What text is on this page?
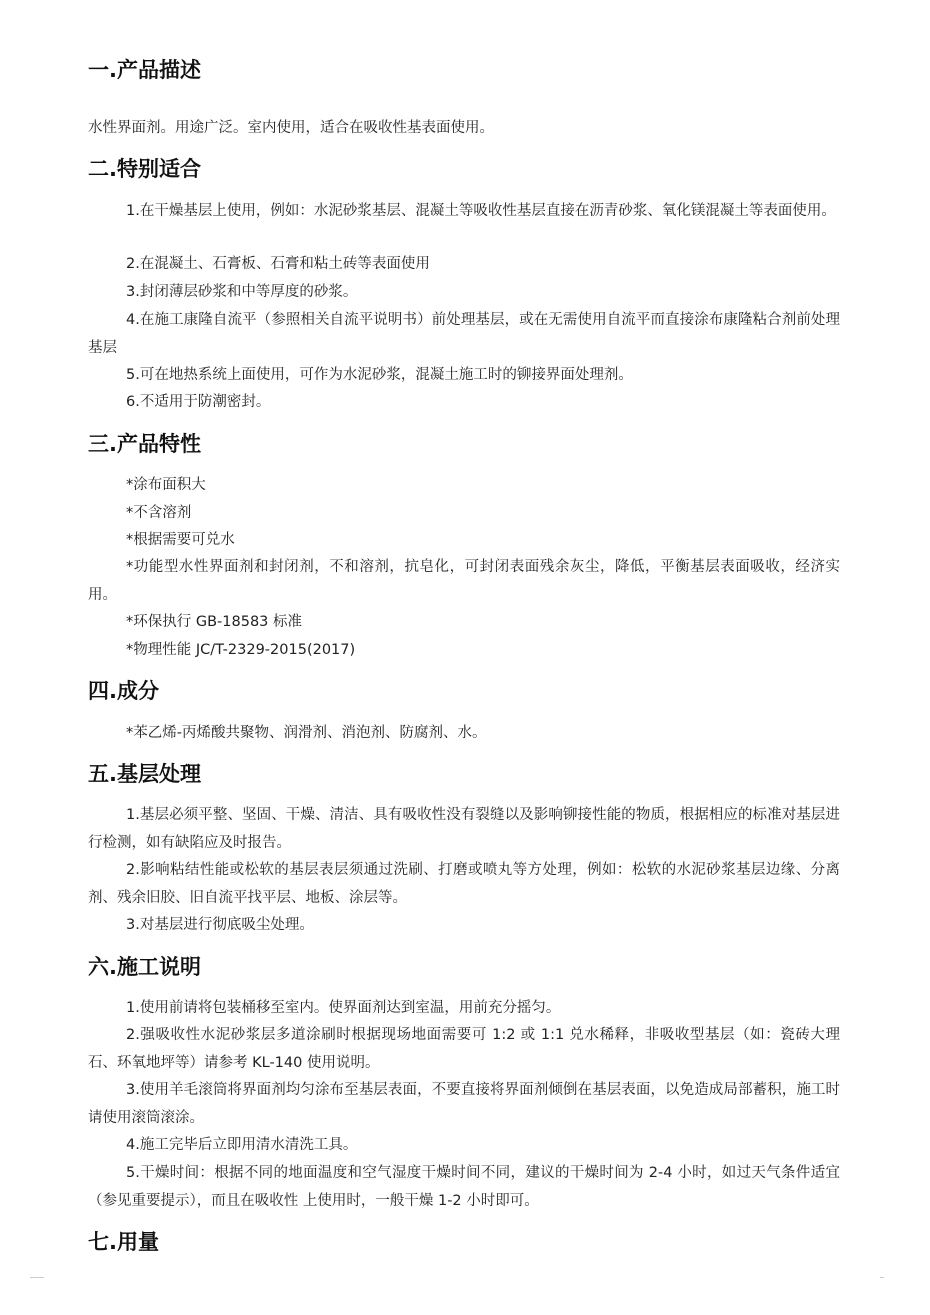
一.产品描述
水性界面剂。用途广泛。室内使用，适合在吸收性基表面使用。
二.特别适合
1.在干燥基层上使用，例如：水泥砂浆基层、混凝土等吸收性基层直接在沥青砂浆、氧化镁混凝土等表面使用。
2.在混凝土、石膏板、石膏和粘土砖等表面使用
3.封闭薄层砂浆和中等厚度的砂浆。
4.在施工康隆自流平（参照相关自流平说明书）前处理基层，或在无需使用自流平而直接涂布康隆粘合剂前处理基层
5.可在地热系统上面使用，可作为水泥砂浆，混凝土施工时的铆接界面处理剂。
6.不适用于防潮密封。
三.产品特性
*涂布面积大
*不含溶剂
*根据需要可兑水
*功能型水性界面剂和封闭剂，不和溶剂，抗皂化，可封闭表面残余灰尘，降低，平衡基层表面吸收，经济实用。
*环保执行 GB-18583 标准
*物理性能 JC/T-2329-2015(2017)
四.成分
*苯乙烯-丙烯酸共聚物、润滑剂、消泡剂、防腐剂、水。
五.基层处理
1.基层必须平整、坚固、干燥、清洁、具有吸收性没有裂缝以及影响铆接性能的物质，根据相应的标准对基层进行检测，如有缺陷应及时报告。
2.影响粘结性能或松软的基层表层须通过洗刷、打磨或喷丸等方处理，例如：松软的水泥砂浆基层边缘、分离剂、残余旧胶、旧自流平找平层、地板、涂层等。
3.对基层进行彻底吸尘处理。
六.施工说明
1.使用前请将包装桶移至室内。使界面剂达到室温，用前充分摇匀。
2.强吸收性水泥砂浆层多道涂刷时根据现场地面需要可 1:2 或 1:1 兑水稀释，非吸收型基层（如：瓷砖大理石、环氧地坪等）请参考 KL-140 使用说明。
3.使用羊毛滚筒将界面剂均匀涂布至基层表面，不要直接将界面剂倾倒在基层表面，以免造成局部蓄积，施工时请使用滚筒滚涂。
4.施工完毕后立即用清水清洗工具。
5.干燥时间：根据不同的地面温度和空气湿度干燥时间不同，建议的干燥时间为 2-4 小时，如过天气条件适宜（参见重要提示），而且在吸收性 上使用时，一般干燥 1-2 小时即可。
七.用量
